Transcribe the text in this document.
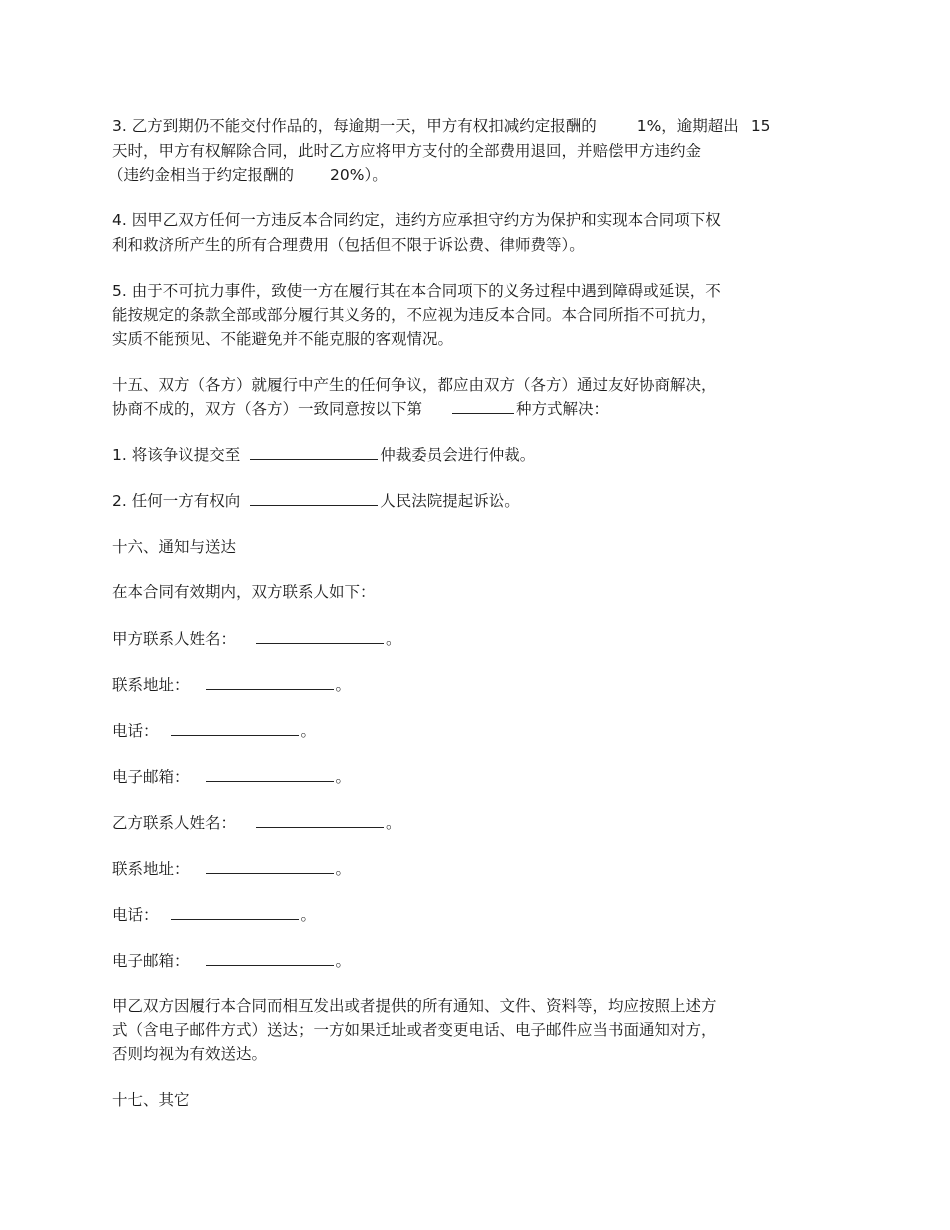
3. 乙方到期仍不能交付作品的，每逾期一天，甲方有权扣减约定报酬的	1%，逾期超出 15
天时，甲方有权解除合同，此时乙方应将甲方支付的全部费用退回，并赔偿甲方违约金
（违约金相当于约定报酬的 20%）。
4. 因甲乙双方任何一方违反本合同约定，违约方应承担守约方为保护和实现本合同项下权
利和救济所产生的所有合理费用（包括但不限于诉讼费、律师费等）。
5. 由于不可抗力事件，致使一方在履行其在本合同项下的义务过程中遇到障碍或延误，不
能按规定的条款全部或部分履行其义务的，不应视为违反本合同。本合同所指不可抗力，
实质不能预见、不能避免并不能克服的客观情况。
十五、双方（各方）就履行中产生的任何争议，都应由双方（各方）通过友好协商解决，
协商不成的，双方（各方）一致同意按以下第	种方式解决：
1. 将该争议提交至	仲裁委员会进行仲裁。
2. 任何一方有权向	人民法院提起诉讼。
十六、通知与送达
在本合同有效期内，双方联系人如下：
甲方联系人姓名：	。
联系地址：	。
电话：	。
电子邮箱：	。
乙方联系人姓名：	。
联系地址：	。
电话：	。
电子邮箱：	。
甲乙双方因履行本合同而相互发出或者提供的所有通知、文件、资料等，均应按照上述方
式（含电子邮件方式）送达；一方如果迁址或者变更电话、电子邮件应当书面通知对方，
否则均视为有效送达。
十七、其它
